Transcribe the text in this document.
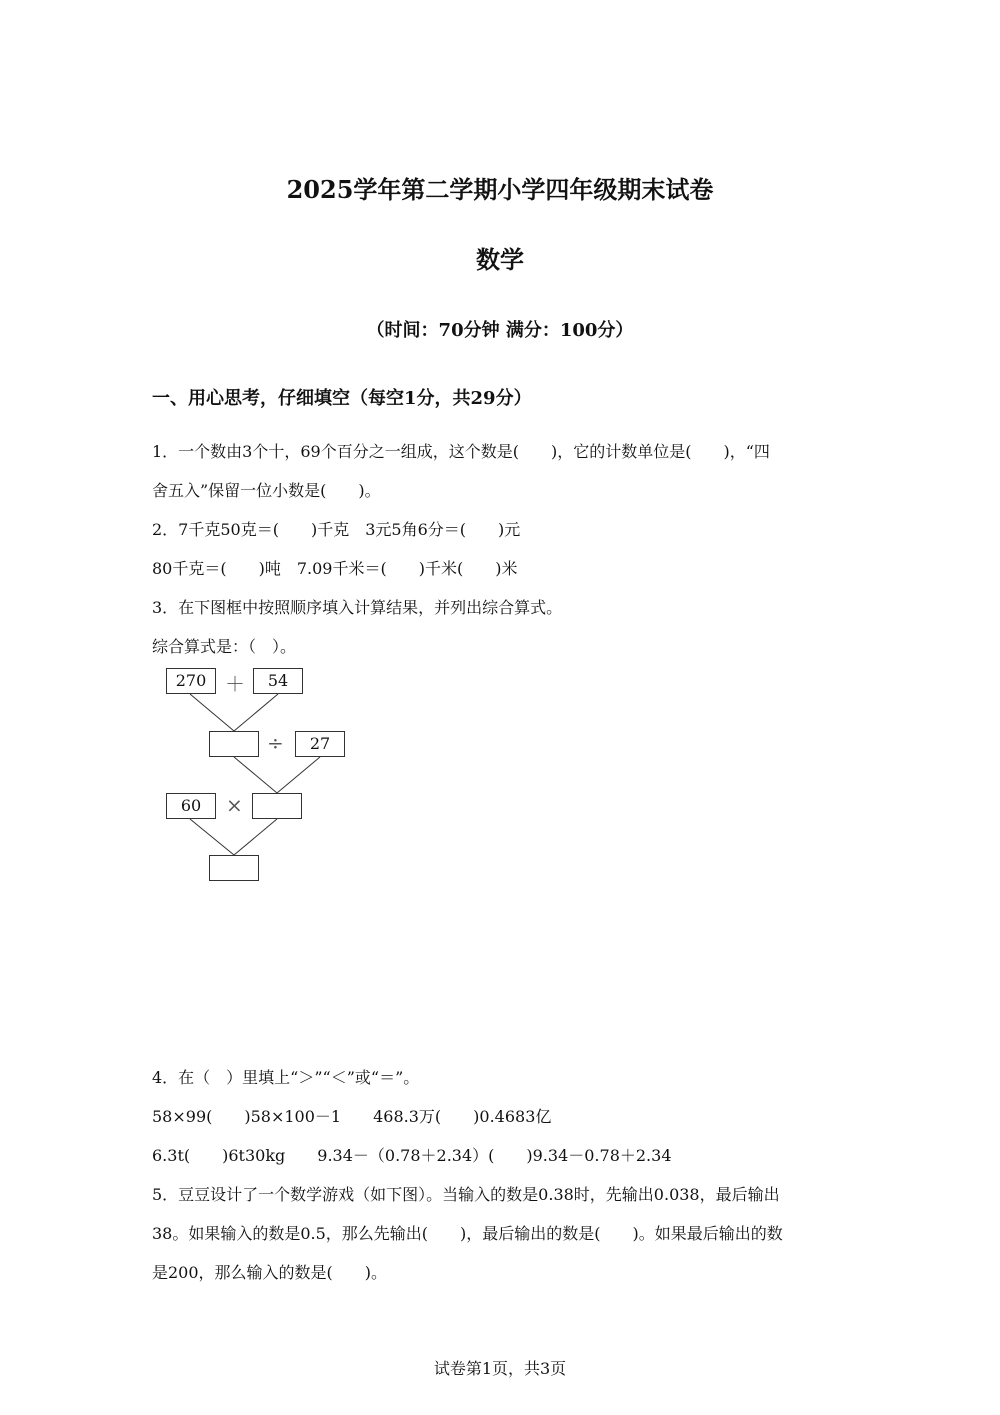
2025学年第二学期小学四年级期末试卷
数学
（时间：70分钟 满分：100分）
一、用心思考，仔细填空（每空1分，共29分）
1．一个数由3个十，69个百分之一组成，这个数是(　　)，它的计数单位是(　　)，“四
舍五入”保留一位小数是(　　)。
2．7千克50克＝(　　)千克　3元5角6分＝(　　)元
80千克＝(　　)吨　7.09千米＝(　　)千米(　　)米
3．在下图框中按照顺序填入计算结果，并列出综合算式。
综合算式是：（　）。
270 ＋	54
÷	27
60	×
4．在（　）里填上“＞”“＜”或“＝”。
58×99(　　)58×100－1　　468.3万(　　)0.4683亿
6.3t(　　)6t30kg　　9.34－（0.78＋2.34）(　　)9.34－0.78＋2.34
5．豆豆设计了一个数学游戏（如下图）。当输入的数是0.38时，先输出0.038，最后输出
38。如果输入的数是0.5，那么先输出(　　)，最后输出的数是(　　)。如果最后输出的数
是200，那么输入的数是(　　)。
试卷第1页，共3页
